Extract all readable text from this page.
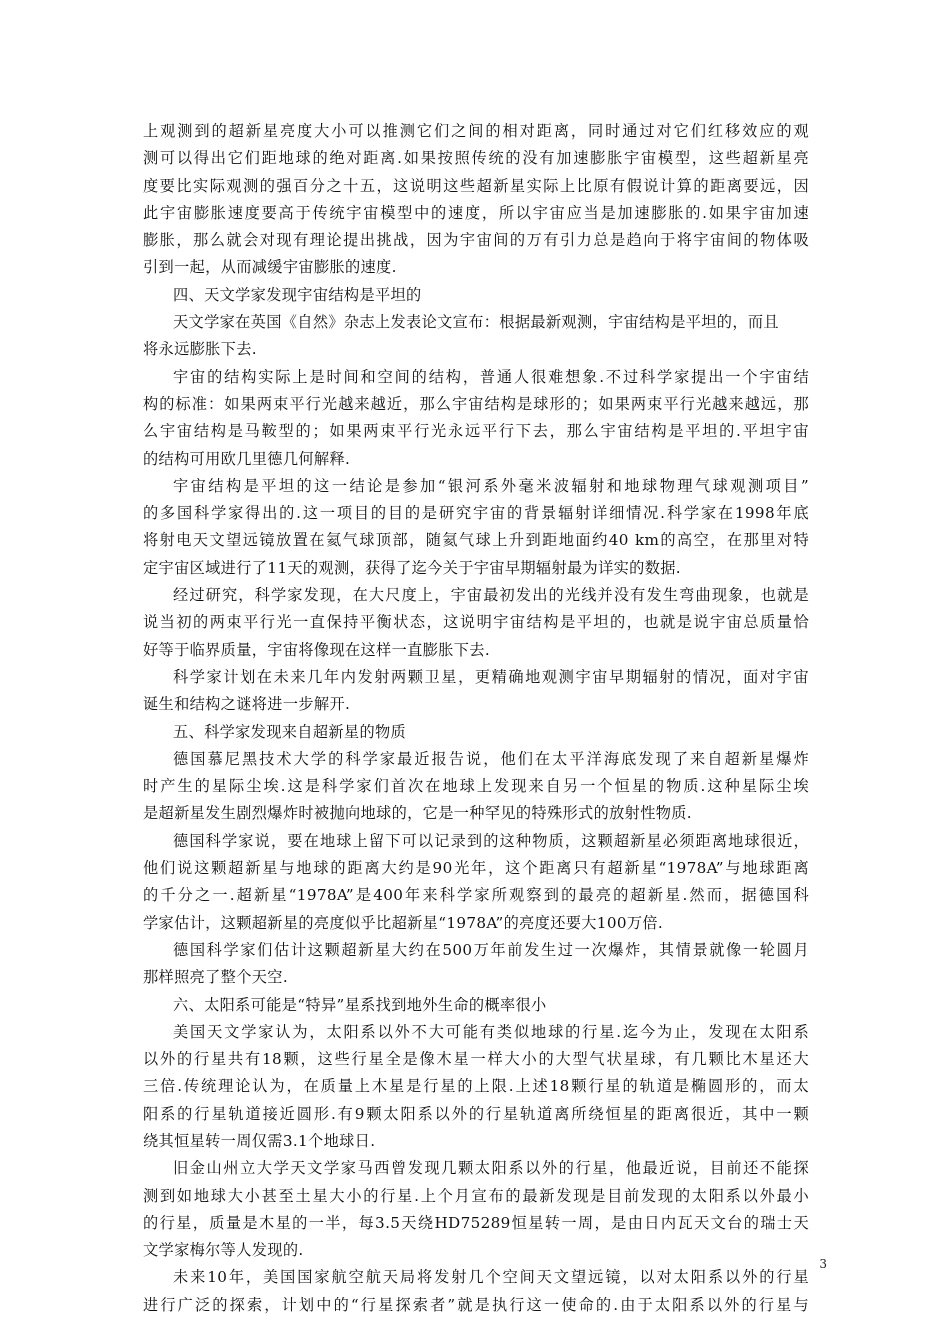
上观测到的超新星亮度大小可以推测它们之间的相对距离，同时通过对它们红移效应的观
测可以得出它们距地球的绝对距离.如果按照传统的没有加速膨胀宇宙模型，这些超新星亮
度要比实际观测的强百分之十五，这说明这些超新星实际上比原有假说计算的距离要远，因
此宇宙膨胀速度要高于传统宇宙模型中的速度，所以宇宙应当是加速膨胀的.如果宇宙加速
膨胀，那么就会对现有理论提出挑战，因为宇宙间的万有引力总是趋向于将宇宙间的物体吸
引到一起，从而减缓宇宙膨胀的速度.
四、天文学家发现宇宙结构是平坦的
天文学家在英国《自然》杂志上发表论文宣布：根据最新观测，宇宙结构是平坦的，而且
将永远膨胀下去.
宇宙的结构实际上是时间和空间的结构，普通人很难想象.不过科学家提出一个宇宙结
构的标准：如果两束平行光越来越近，那么宇宙结构是球形的；如果两束平行光越来越远，那
么宇宙结构是马鞍型的；如果两束平行光永远平行下去，那么宇宙结构是平坦的.平坦宇宙
的结构可用欧几里德几何解释.
宇宙结构是平坦的这一结论是参加“银河系外毫米波辐射和地球物理气球观测项目”
的多国科学家得出的.这一项目的目的是研究宇宙的背景辐射详细情况.科学家在1998年底
将射电天文望远镜放置在氦气球顶部，随氦气球上升到距地面约40 km的高空，在那里对特
定宇宙区域进行了11天的观测，获得了迄今关于宇宙早期辐射最为详实的数据.
经过研究，科学家发现，在大尺度上，宇宙最初发出的光线并没有发生弯曲现象，也就是
说当初的两束平行光一直保持平衡状态，这说明宇宙结构是平坦的，也就是说宇宙总质量恰
好等于临界质量，宇宙将像现在这样一直膨胀下去.
科学家计划在未来几年内发射两颗卫星，更精确地观测宇宙早期辐射的情况，面对宇宙
诞生和结构之谜将进一步解开.
五、科学家发现来自超新星的物质
德国慕尼黑技术大学的科学家最近报告说，他们在太平洋海底发现了来自超新星爆炸
时产生的星际尘埃.这是科学家们首次在地球上发现来自另一个恒星的物质.这种星际尘埃
是超新星发生剧烈爆炸时被抛向地球的，它是一种罕见的特殊形式的放射性物质.
德国科学家说，要在地球上留下可以记录到的这种物质，这颗超新星必须距离地球很近，
他们说这颗超新星与地球的距离大约是90光年，这个距离只有超新星“1978A”与地球距离
的千分之一.超新星“1978A”是400年来科学家所观察到的最亮的超新星.然而，据德国科
学家估计，这颗超新星的亮度似乎比超新星“1978A”的亮度还要大100万倍.
德国科学家们估计这颗超新星大约在500万年前发生过一次爆炸，其情景就像一轮圆月
那样照亮了整个天空.
六、太阳系可能是“特异”星系找到地外生命的概率很小
美国天文学家认为，太阳系以外不大可能有类似地球的行星.迄今为止，发现在太阳系
以外的行星共有18颗，这些行星全是像木星一样大小的大型气状星球，有几颗比木星还大
三倍.传统理论认为，在质量上木星是行星的上限.上述18颗行星的轨道是椭圆形的，而太
阳系的行星轨道接近圆形.有9颗太阳系以外的行星轨道离所绕恒星的距离很近，其中一颗
绕其恒星转一周仅需3.1个地球日.
旧金山州立大学天文学家马西曾发现几颗太阳系以外的行星，他最近说，目前还不能探
测到如地球大小甚至土星大小的行星.上个月宣布的最新发现是目前发现的太阳系以外最小
的行星，质量是木星的一半，每3.5天绕HD75289恒星转一周，是由日内瓦天文台的瑞士天
文学家梅尔等人发现的.
未来10年，美国国家航空航天局将发射几个空间天文望远镜，以对太阳系以外的行星
进行广泛的探索，计划中的“行星探索者”就是执行这一使命的.由于太阳系以外的行星与
3
